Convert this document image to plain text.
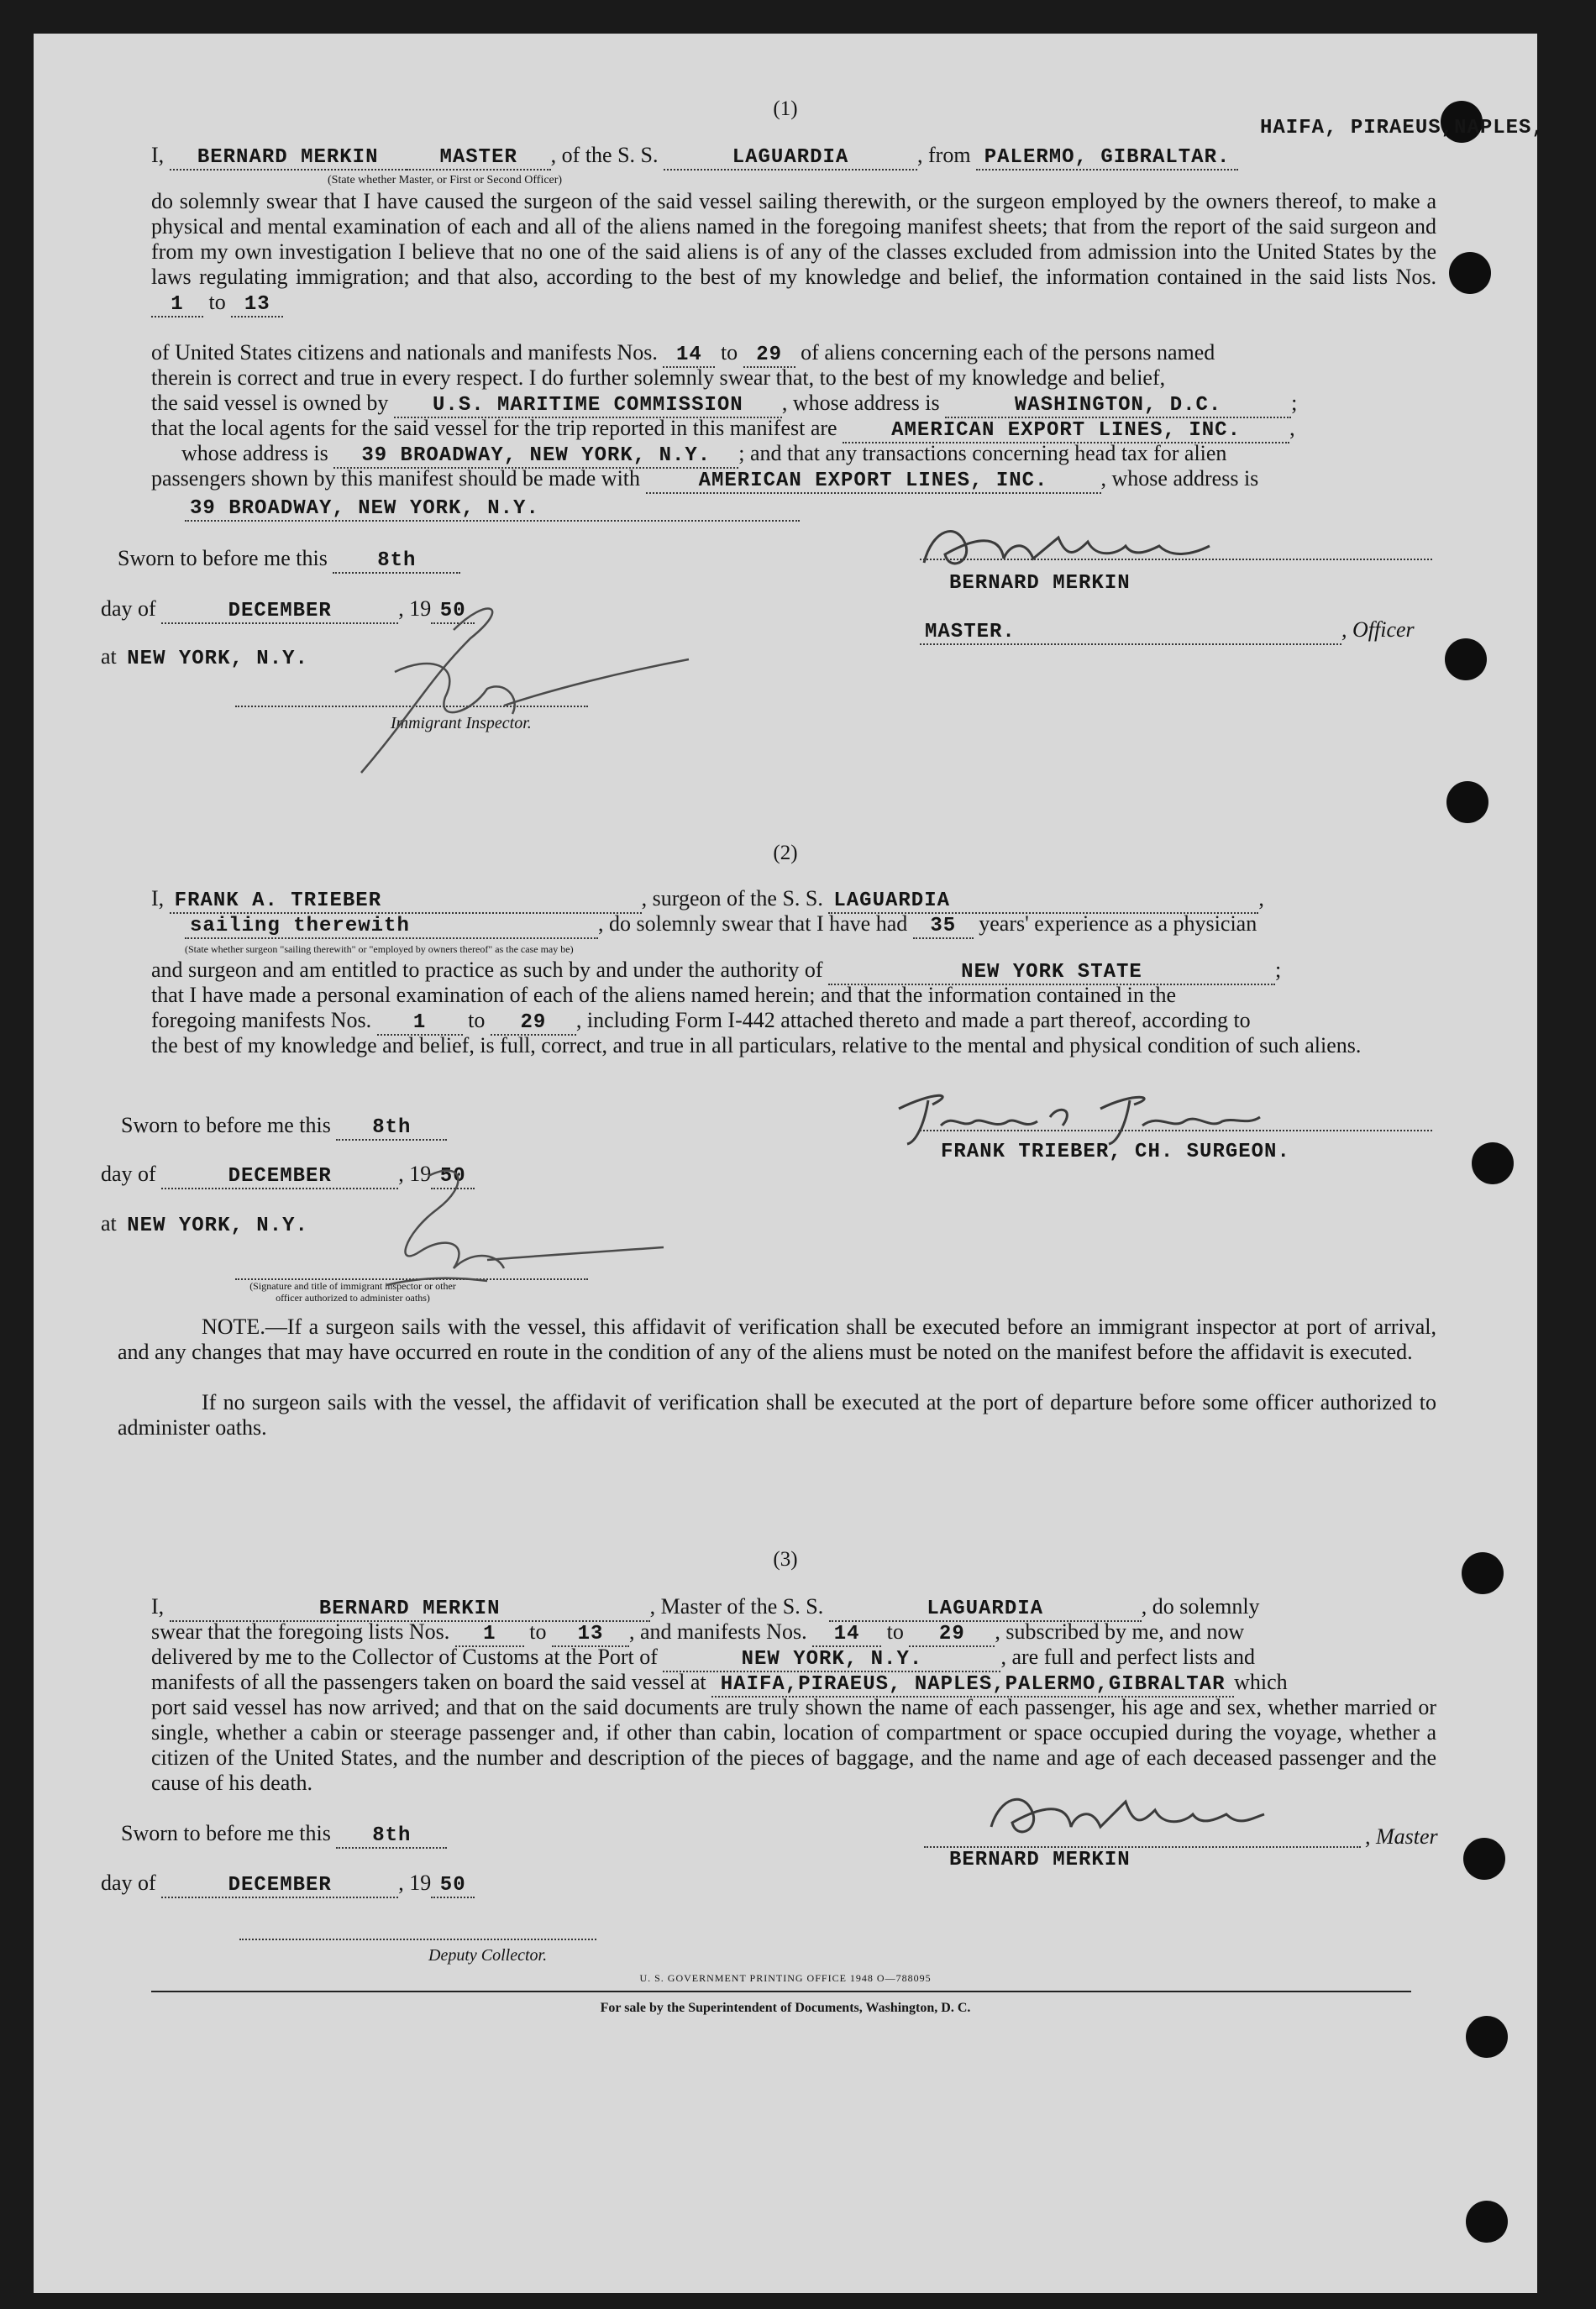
(1)
HAIFA, PIRAEUS,NAPLES,
I, BERNARD MERKIN	MASTER , of the S. S.	LAGUARDIA	, from PALERMO, GIBRALTAR.
(State whether Master, or First or Second Officer)
do solemnly swear that I have caused the surgeon of the said vessel sailing therewith, or the surgeon employed by the owners thereof, to make a physical and mental examination of each and all of the aliens named in the foregoing manifest sheets; that from the report of the said surgeon and from my own investigation I believe that no one of the said aliens is of any of the classes excluded from admission into the United States by the laws regulating immigration; and that also, according to the best of my knowledge and belief, the information contained in the said lists Nos. 1 to 13
of United States citizens and nationals and manifests Nos. 14 to 29 of aliens concerning each of the persons named
therein is correct and true in every respect. I do further solemnly swear that, to the best of my knowledge and belief,
the said vessel is owned by U.S. MARITIME COMMISSION , whose address is	WASHINGTON, D.C.	;
that the local agents for the said vessel for the trip reported in this manifest are	AMERICAN EXPORT LINES, INC. ,
whose address is 39 BROADWAY, NEW YORK, N.Y. ; and that any transactions concerning head tax for alien
passengers shown by this manifest should be made with	AMERICAN EXPORT LINES, INC. , whose address is
39 BROADWAY, NEW YORK, N.Y.
Sworn to before me this 8th
day of	DECEMBER	, 19 50
at NEW YORK, N.Y.
Immigrant Inspector.
BERNARD MERKIN
MASTER.	, Officer
(2)
I, FRANK A. TRIEBER	, surgeon of the S. S. LAGUARDIA	,
sailing therewith	, do solemnly swear that I have had 35 years' experience as a physician
(State whether surgeon "sailing therewith" or "employed by owners thereof" as the case may be)
and surgeon and am entitled to practice as such by and under the authority of	NEW YORK STATE	;
that I have made a personal examination of each of the aliens named herein; and that the information contained in the
foregoing manifests Nos. 1 to 29 , including Form I-442 attached thereto and made a part thereof, according to
the best of my knowledge and belief, is full, correct, and true in all particulars, relative to the mental and physical condition of such aliens.
Sworn to before me this 8th
day of	DECEMBER	, 19 50
at NEW YORK, N.Y.
(Signature and title of immigrant inspector or other officer authorized to administer oaths)
FRANK TRIEBER, CH. SURGEON.
NOTE.—If a surgeon sails with the vessel, this affidavit of verification shall be executed before an immigrant inspector at port of arrival, and any changes that may have occurred en route in the condition of any of the aliens must be noted on the manifest before the affidavit is executed.
If no surgeon sails with the vessel, the affidavit of verification shall be executed at the port of departure before some officer authorized to administer oaths.
(3)
I,	BERNARD MERKIN	, Master of the S. S.	LAGUARDIA	, do solemnly
swear that the foregoing lists Nos. 1 to 13 , and manifests Nos. 14 to 29 , subscribed by me, and now
delivered by me to the Collector of Customs at the Port of	NEW YORK, N.Y.	, are full and perfect lists and
manifests of all the passengers taken on board the said vessel at HAIFA,PIRAEUS, NAPLES,PALERMO,GIBRALTAR which
port said vessel has now arrived; and that on the said documents are truly shown the name of each passenger, his age and sex, whether married or single, whether a cabin or steerage passenger and, if other than cabin, location of compartment or space occupied during the voyage, whether a citizen of the United States, and the number and description of the pieces of baggage, and the name and age of each deceased passenger and the cause of his death.
Sworn to before me this 8th
day of	DECEMBER	, 19 50
Deputy Collector.
, Master
BERNARD MERKIN
U. S. GOVERNMENT PRINTING OFFICE 1948 O—788095
For sale by the Superintendent of Documents, Washington, D. C.
